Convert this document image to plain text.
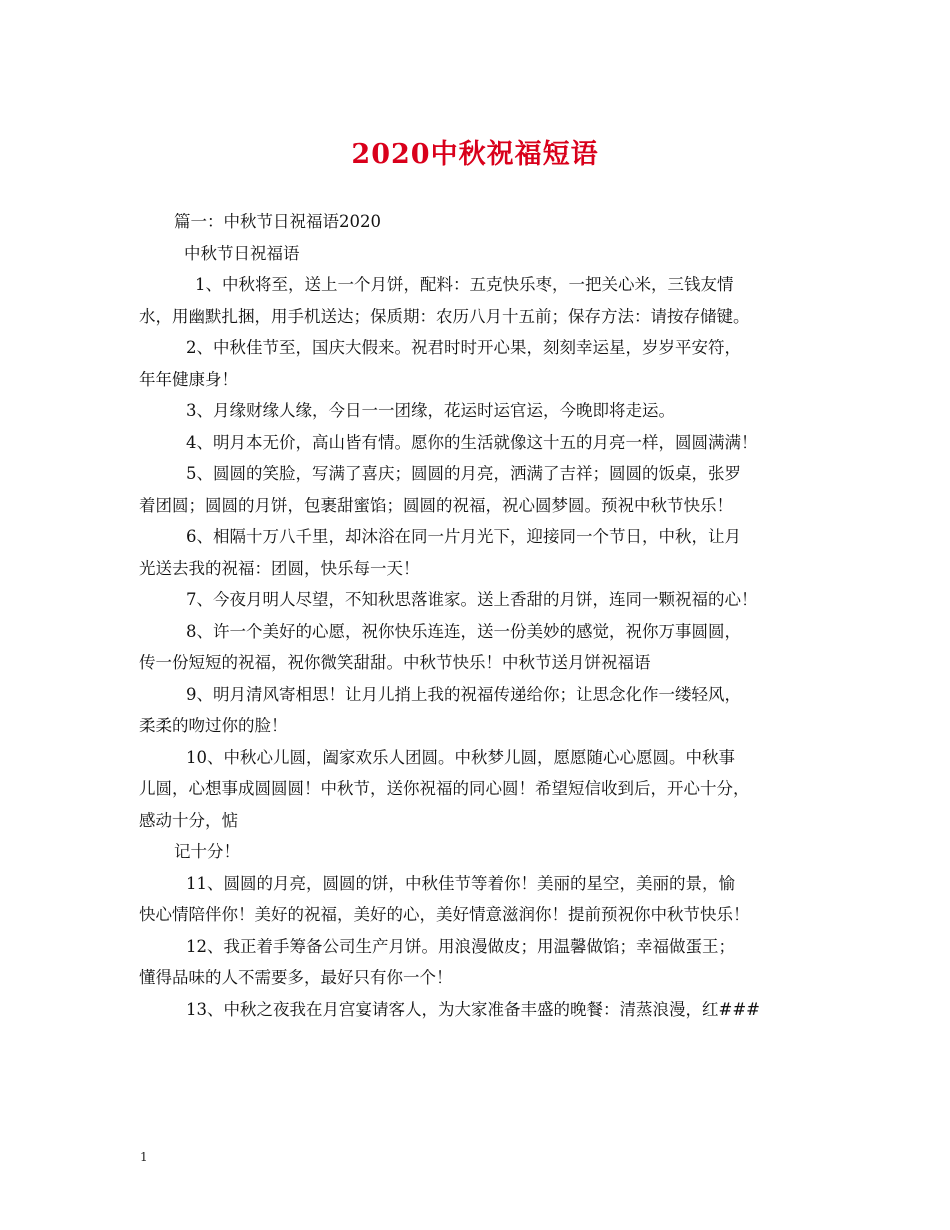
2020中秋祝福短语
篇一：中秋节日祝福语2020
中秋节日祝福语
1、中秋将至，送上一个月饼，配料：五克快乐枣，一把关心米，三钱友情
水，用幽默扎捆，用手机送达；保质期：农历八月十五前；保存方法：请按存储键。
2、中秋佳节至，国庆大假来。祝君时时开心果，刻刻幸运星，岁岁平安符，
年年健康身！
3、月缘财缘人缘，今日一一团缘，花运时运官运，今晚即将走运。
4、明月本无价，高山皆有情。愿你的生活就像这十五的月亮一样，圆圆满满！
5、圆圆的笑脸，写满了喜庆；圆圆的月亮，洒满了吉祥；圆圆的饭桌，张罗
着团圆；圆圆的月饼，包裹甜蜜馅；圆圆的祝福，祝心圆梦圆。预祝中秋节快乐！
6、相隔十万八千里，却沐浴在同一片月光下，迎接同一个节日，中秋，让月
光送去我的祝福：团圆，快乐每一天！
7、今夜月明人尽望，不知秋思落谁家。送上香甜的月饼，连同一颗祝福的心！
8、许一个美好的心愿，祝你快乐连连，送一份美妙的感觉，祝你万事圆圆，
传一份短短的祝福，祝你微笑甜甜。中秋节快乐！中秋节送月饼祝福语
9、明月清风寄相思！让月儿捎上我的祝福传递给你；让思念化作一缕轻风，
柔柔的吻过你的脸！
10、中秋心儿圆，阖家欢乐人团圆。中秋梦儿圆，愿愿随心心愿圆。中秋事
儿圆，心想事成圆圆圆！中秋节，送你祝福的同心圆！希望短信收到后，开心十分，
感动十分，惦
记十分！
11、圆圆的月亮，圆圆的饼，中秋佳节等着你！美丽的星空，美丽的景，愉
快心情陪伴你！美好的祝福，美好的心，美好情意滋润你！提前预祝你中秋节快乐！
12、我正着手筹备公司生产月饼。用浪漫做皮；用温馨做馅；幸福做蛋王；
懂得品味的人不需要多，最好只有你一个！
13、中秋之夜我在月宫宴请客人，为大家准备丰盛的晚餐：清蒸浪漫，红###
1
